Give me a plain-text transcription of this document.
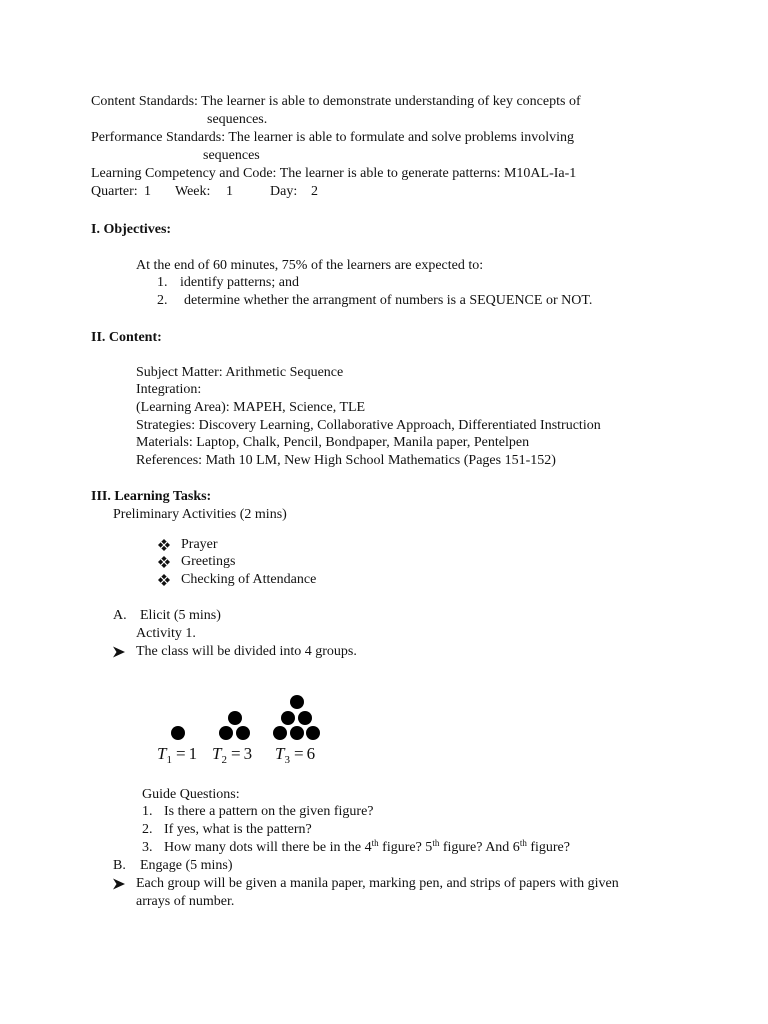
Content Standards: The learner is able to demonstrate understanding of key concepts of
sequences.
Performance Standards: The learner is able to formulate and solve problems involving
sequences
Learning Competency and Code: The learner is able to generate patterns: M10AL-Ia-1
Quarter: 1 Week: 1	Day: 2
I. Objectives:
At the end of 60 minutes, 75% of the learners are expected to:
1. identify patterns; and
2. determine whether the arrangment of numbers is a SEQUENCE or NOT.
II. Content:
Subject Matter: Arithmetic Sequence
Integration:
(Learning Area): MAPEH, Science, TLE
Strategies: Discovery Learning, Collaborative Approach, Differentiated Instruction
Materials: Laptop, Chalk, Pencil, Bondpaper, Manila paper, Pentelpen
References: Math 10 LM, New High School Mathematics (Pages 151-152)
III. Learning Tasks:
Preliminary Activities (2 mins)
Prayer
Greetings
Checking of Attendance
A. Elicit (5 mins)
Activity 1.
The class will be divided into 4 groups.
$T_1 = 1$ $T_2 = 3$ $T_3 = 6$
Guide Questions:
1. Is there a pattern on the given figure?
2. If yes, what is the pattern?
3. How many dots will there be in the 4th figure? 5th figure? And 6th figure?
B. Engage (5 mins)
Each group will be given a manila paper, marking pen, and strips of papers with given
arrays of number.
